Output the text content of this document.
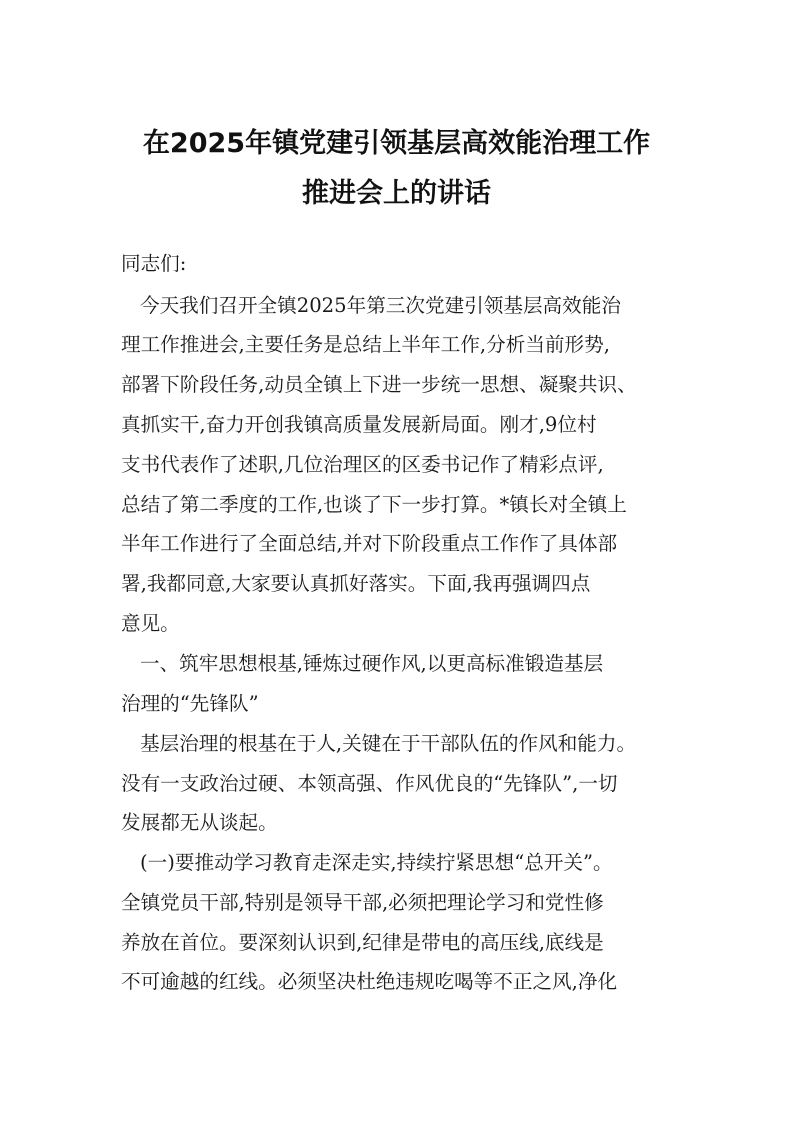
在2025年镇党建引领基层高效能治理工作
推进会上的讲话

同志们:

今天我们召开全镇2025年第三次党建引领基层高效能治

理工作推进会,主要任务是总结上半年工作,分析当前形势,

部署下阶段任务,动员全镇上下进一步统一思想、凝聚共识、

真抓实干,奋力开创我镇高质量发展新局面。刚才,9位村

支书代表作了述职,几位治理区的区委书记作了精彩点评,

总结了第二季度的工作,也谈了下一步打算。*镇长对全镇上

半年工作进行了全面总结,并对下阶段重点工作作了具体部

署,我都同意,大家要认真抓好落实。下面,我再强调四点

意见。

一、筑牢思想根基,锤炼过硬作风,以更高标准锻造基层

治理的“先锋队”

基层治理的根基在于人,关键在于干部队伍的作风和能力。

没有一支政治过硬、本领高强、作风优良的“先锋队”,一切

发展都无从谈起。

(一)要推动学习教育走深走实,持续拧紧思想“总开关”。

全镇党员干部,特别是领导干部,必须把理论学习和党性修

养放在首位。要深刻认识到,纪律是带电的高压线,底线是

不可逾越的红线。必须坚决杜绝违规吃喝等不正之风,净化
